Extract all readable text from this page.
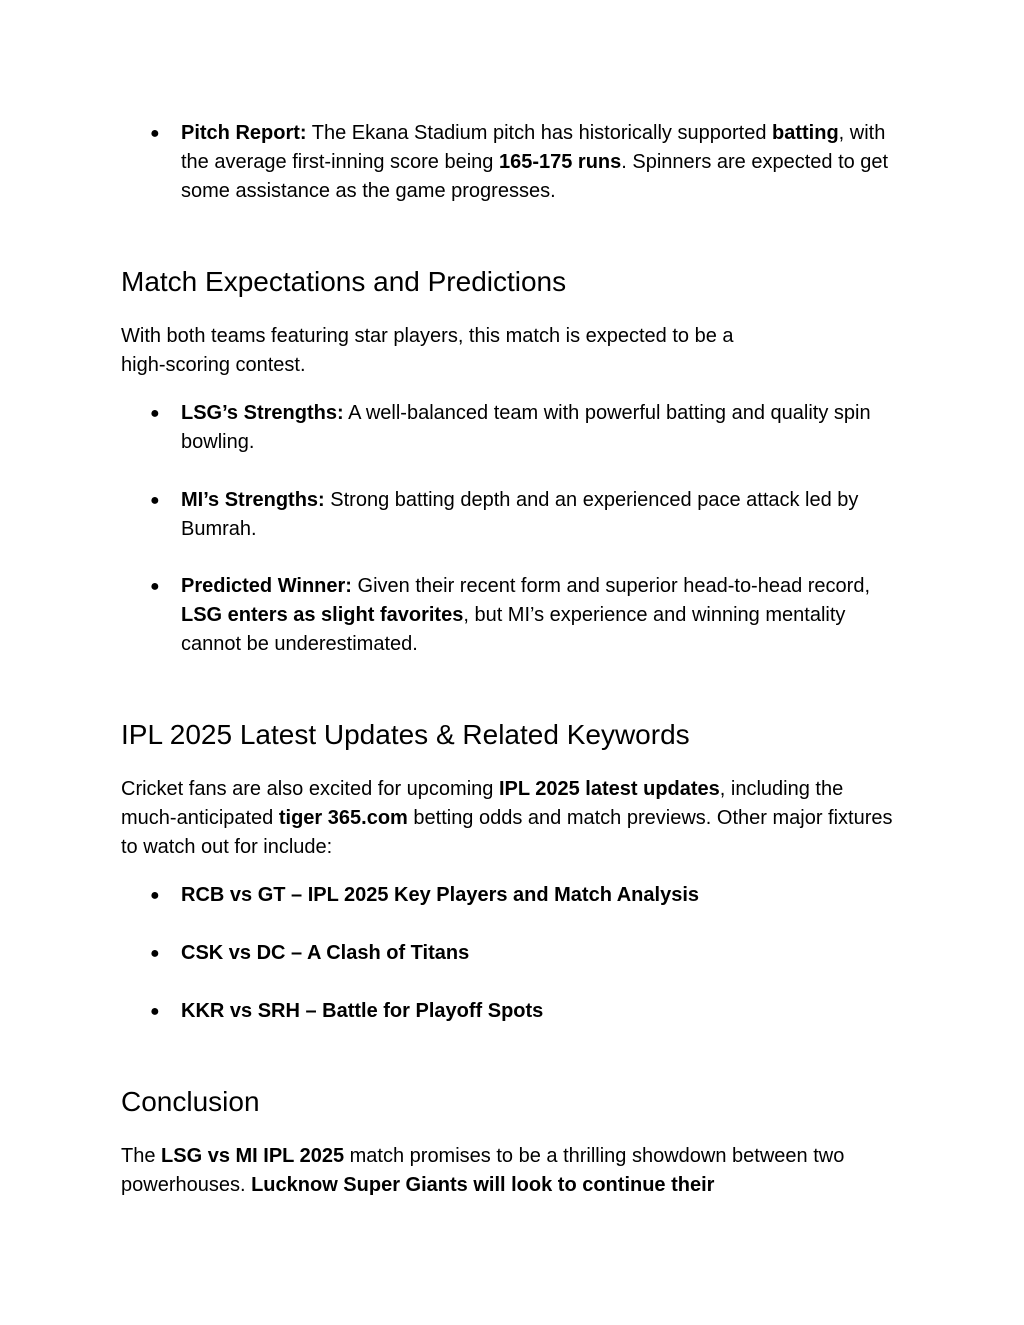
● Pitch Report: The Ekana Stadium pitch has historically supported batting, with the average first-inning score being 165-175 runs. Spinners are expected to get some assistance as the game progresses.
Match Expectations and Predictions

With both teams featuring star players, this match is expected to be a
high-scoring contest.

● LSG’s Strengths: A well-balanced team with powerful batting and quality spin bowling.
● MI’s Strengths: Strong batting depth and an experienced pace attack led by Bumrah.
● Predicted Winner: Given their recent form and superior head-to-head record, LSG enters as slight favorites, but MI’s experience and winning mentality cannot be underestimated.
IPL 2025 Latest Updates & Related Keywords

Cricket fans are also excited for upcoming IPL 2025 latest updates, including the much-anticipated tiger 365.com betting odds and match previews. Other major fixtures to watch out for include:

● RCB vs GT – IPL 2025 Key Players and Match Analysis
● CSK vs DC – A Clash of Titans
● KKR vs SRH – Battle for Playoff Spots
Conclusion

The LSG vs MI IPL 2025 match promises to be a thrilling showdown between two powerhouses. Lucknow Super Giants will look to continue their
